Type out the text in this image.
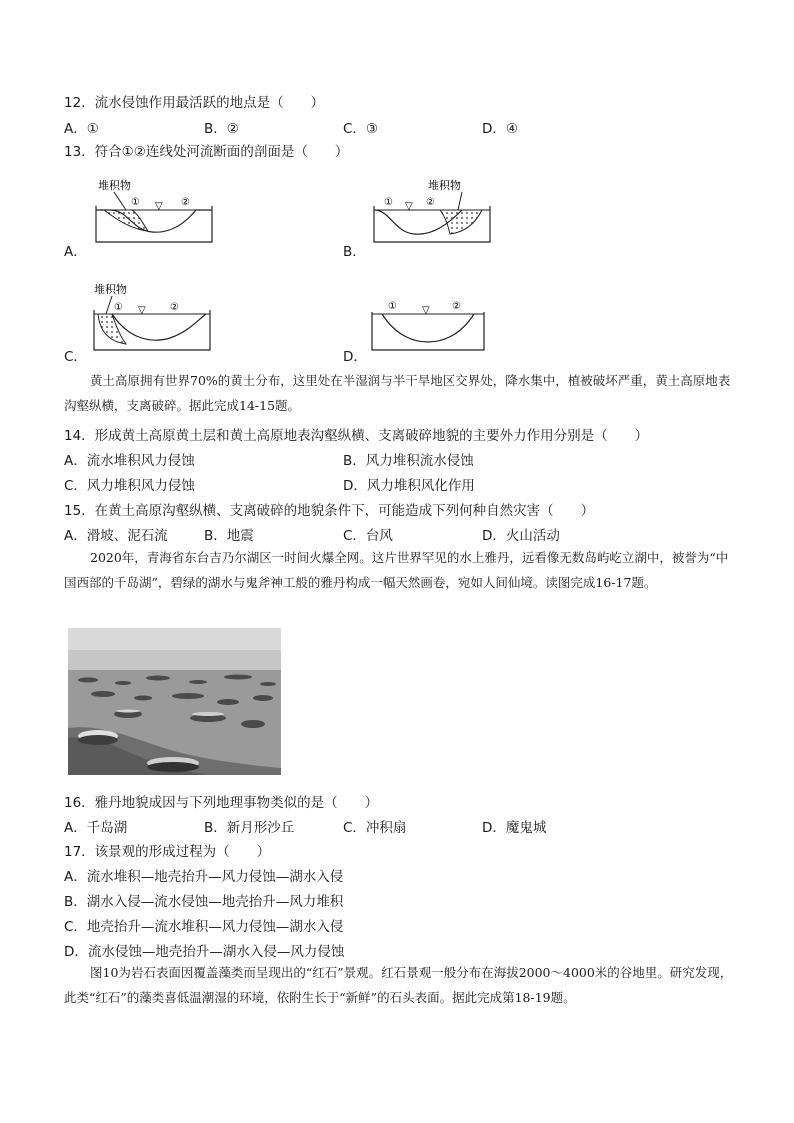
12．流水侵蚀作用最活跃的地点是（　　）
A．①	B．②	C．③	D．④
13．符合①②连线处河流断面的剖面是（　　）
A．
堆积物
① ▽ ②
B．
堆积物
① ▽ ②
C．
堆积物
① ▽ ②
D．
①	▽ ②
黄土高原拥有世界70%的黄土分布，这里处在半湿润与半干旱地区交界处，降水集中，植被破坏严重，黄土高原地表沟壑纵横，支离破碎。据此完成14-15题。
14．形成黄土高原黄土层和黄土高原地表沟壑纵横、支离破碎地貌的主要外力作用分别是（　　）
A．流水堆积风力侵蚀	B．风力堆积流水侵蚀
C．风力堆积风力侵蚀	D．风力堆积风化作用
15．在黄土高原沟壑纵横、支离破碎的地貌条件下，可能造成下列何种自然灾害（　　）
A．滑坡、泥石流	B．地震	C．台风	D．火山活动
2020年，青海省东台吉乃尔湖区一时间火爆全网。这片世界罕见的水上雅丹，远看像无数岛屿屹立湖中，被誉为“中国西部的千岛湖”，碧绿的湖水与鬼斧神工般的雅丹构成一幅天然画卷，宛如人间仙境。读图完成16-17题。
16．雅丹地貌成因与下列地理事物类似的是（　　）
A．千岛湖	B．新月形沙丘	C．冲积扇	D．魔鬼城
17．该景观的形成过程为（　　）
A．流水堆积—地壳抬升—风力侵蚀—湖水入侵
B．湖水入侵—流水侵蚀—地壳抬升—风力堆积
C．地壳抬升—流水堆积—风力侵蚀—湖水入侵
D．流水侵蚀—地壳抬升—湖水入侵—风力侵蚀
图10为岩石表面因覆盖藻类而呈现出的“红石”景观。红石景观一般分布在海拔2000～4000米的谷地里。研究发现，此类“红石”的藻类喜低温潮湿的环境，依附生长于“新鲜”的石头表面。据此完成第18-19题。
